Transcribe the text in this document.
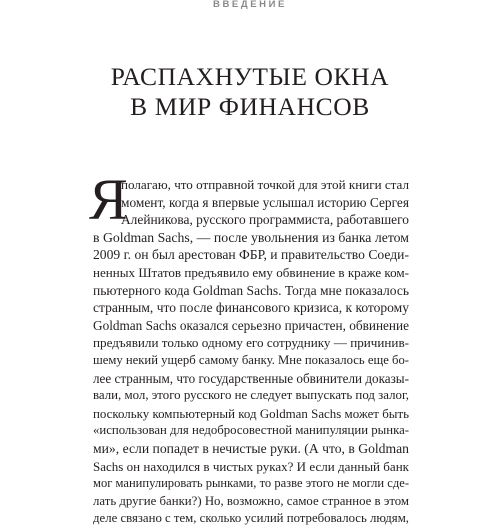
ВВЕДЕНИЕ
РАСПАХНУТЫЕ ОКНА
В МИР ФИНАНСОВ
Я
полагаю, что отправной точкой для этой книги стал
момент, когда я впервые услышал историю Сергея
Алейникова, русского программиста, работавшего
в Goldman Sachs, — после увольнения из банка летом
2009 г. он был арестован ФБР, и правительство Соеди-
ненных Штатов предъявило ему обвинение в краже ком-
пьютерного кода Goldman Sachs. Тогда мне показалось
странным, что после финансового кризиса, к которому
Goldman Sachs оказался серьезно причастен, обвинение
предъявили только одному его сотруднику — причинив-
шему некий ущерб самому банку. Мне показалось еще бо-
лее странным, что государственные обвинители доказы-
вали, мол, этого русского не следует выпускать под залог,
поскольку компьютерный код Goldman Sachs может быть
«использован для недобросовестной манипуляции рынка-
ми», если попадет в нечистые руки. (А что, в Goldman
Sachs он находился в чистых руках? И если данный банк
мог манипулировать рынками, то разве этого не могли сде-
лать другие банки?) Но, возможно, самое странное в этом
деле связано с тем, сколько усилий потребовалось людям,
